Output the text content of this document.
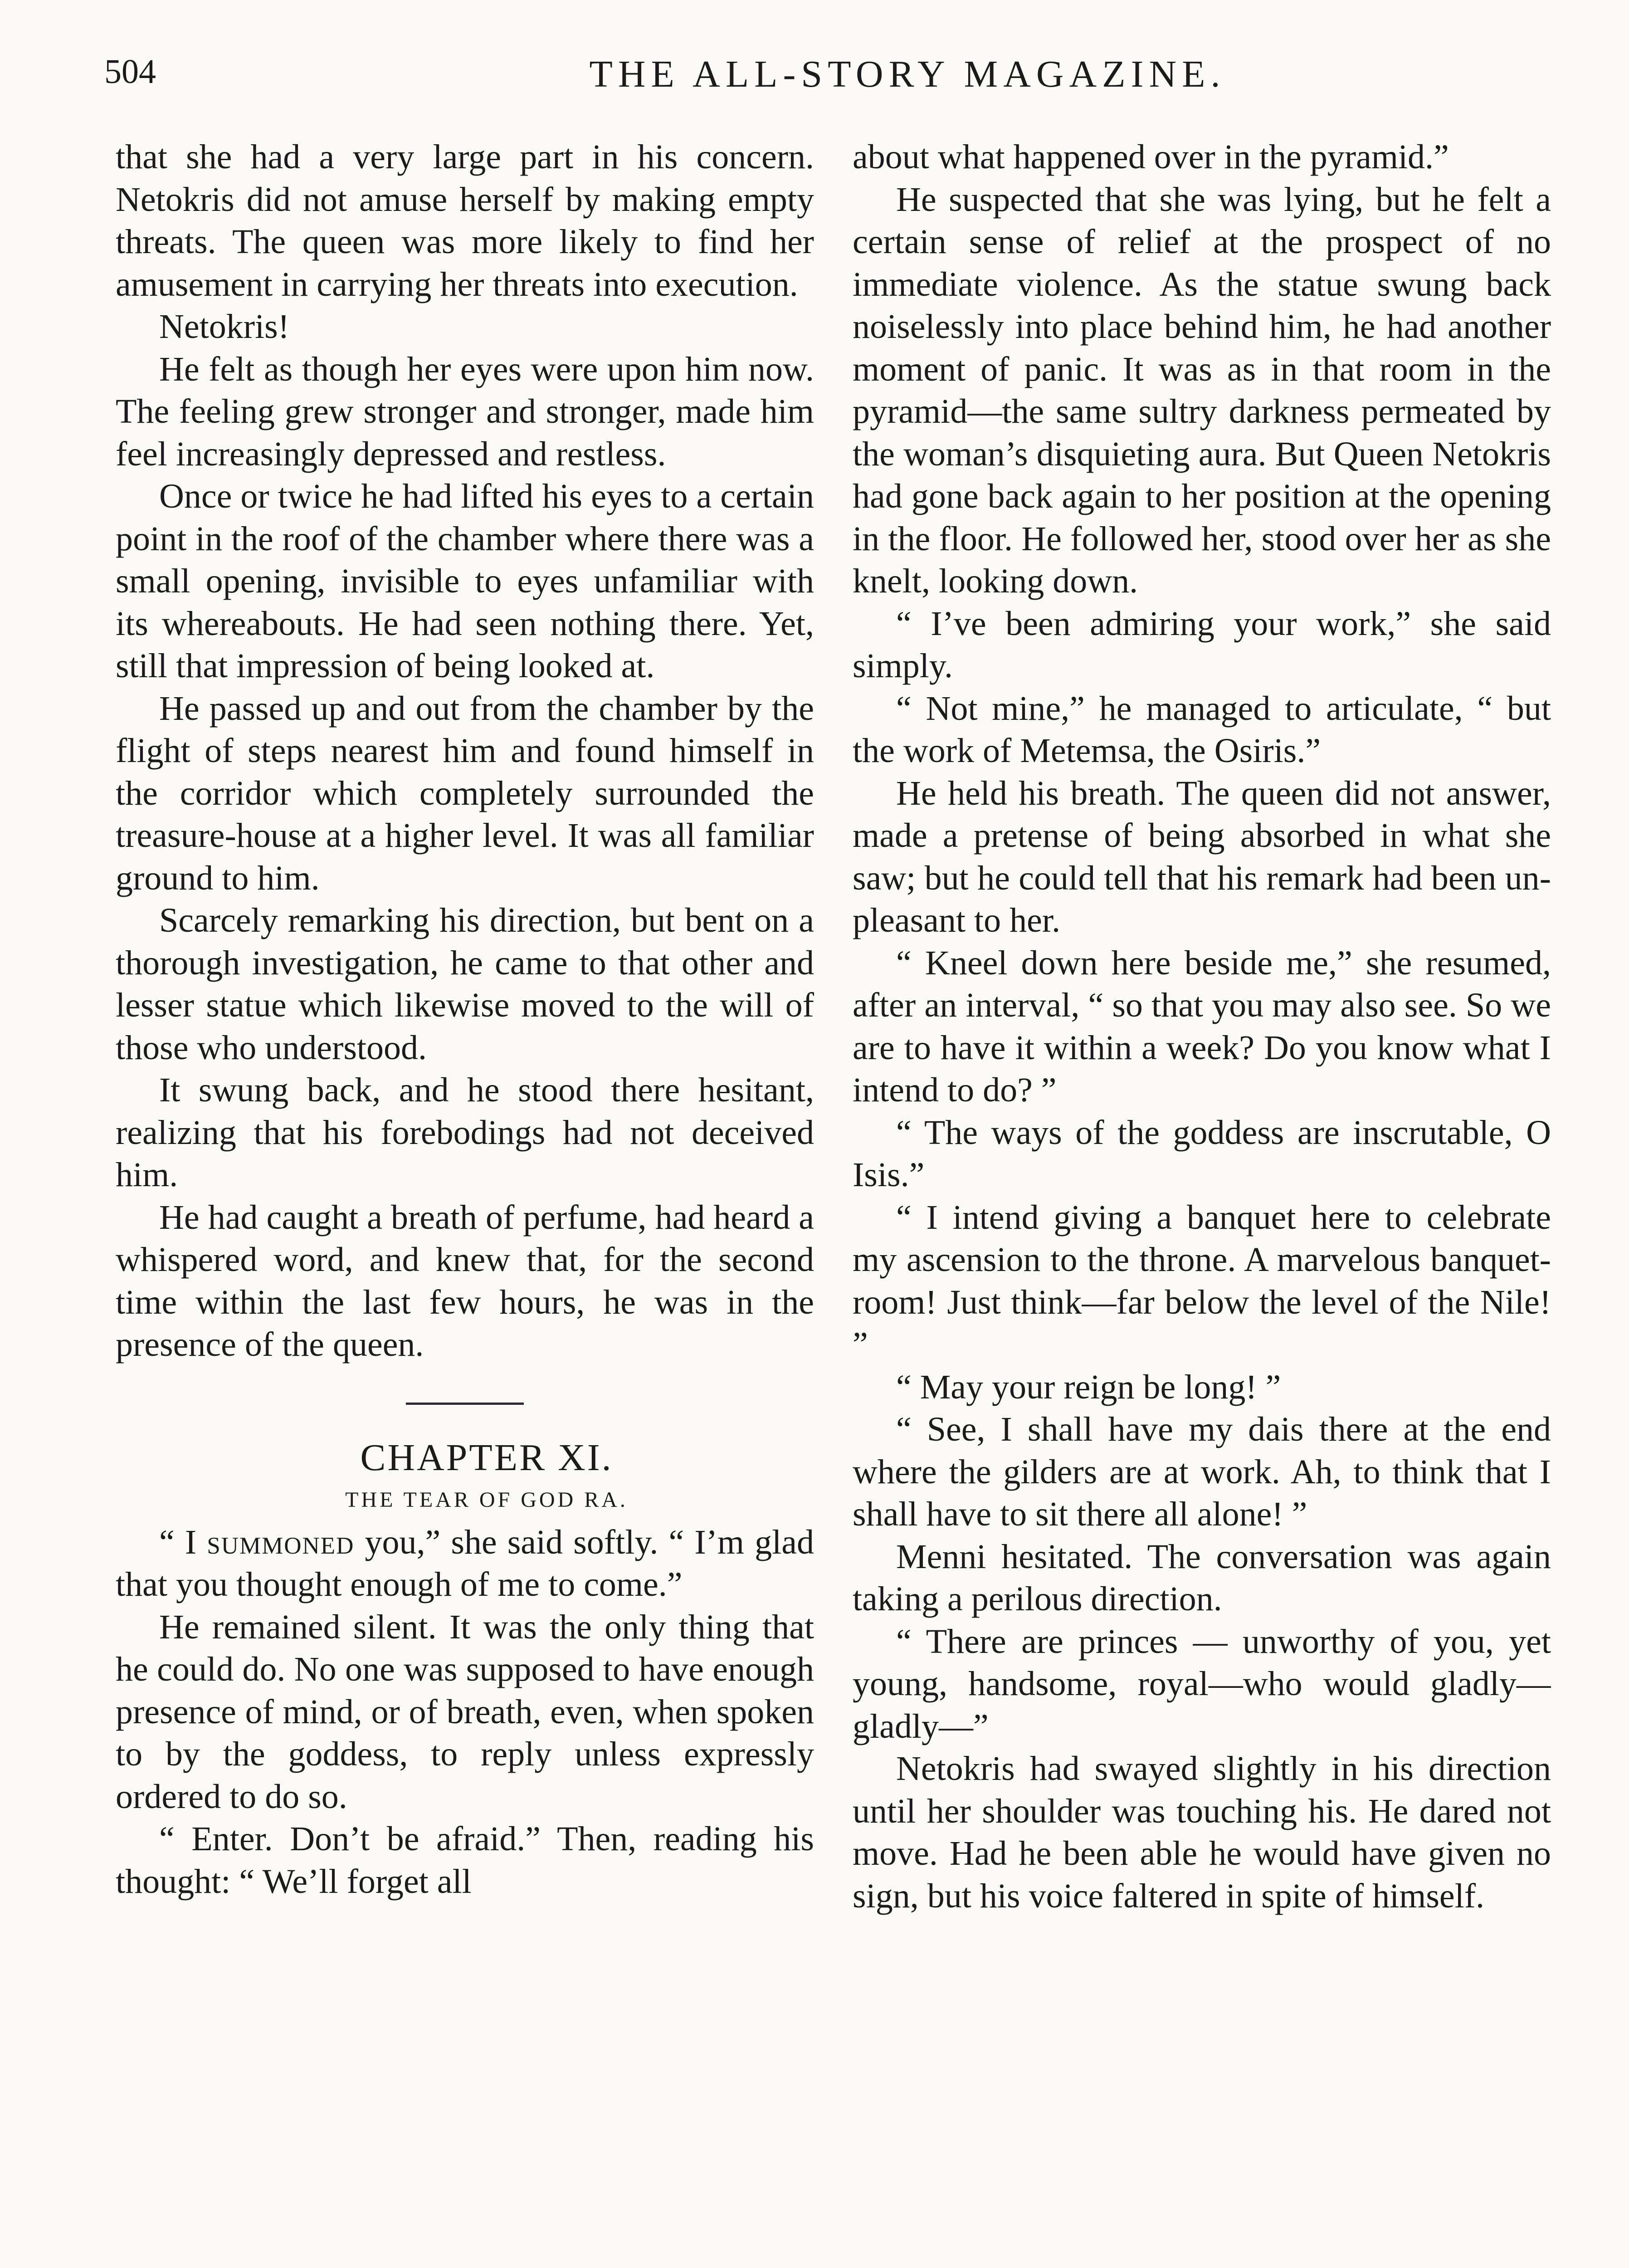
504	THE ALL-STORY MAGAZINE.

that she had a very large part in his concern. Netokris did not amuse herself by making empty threats. The queen was more likely to find her amusement in carrying her threats into execution.

Netokris!

He felt as though her eyes were upon him now. The feeling grew stronger and stronger, made him feel increasingly depressed and restless.

Once or twice he had lifted his eyes to a certain point in the roof of the chamber where there was a small opening, invisible to eyes unfamiliar with its whereabouts. He had seen nothing there. Yet, still that impression of being looked at.

He passed up and out from the chamber by the flight of steps nearest him and found himself in the corridor which completely surrounded the treasure-house at a higher level. It was all familiar ground to him.

Scarcely remarking his direction, but bent on a thorough investigation, he came to that other and lesser statue which likewise moved to the will of those who understood.

It swung back, and he stood there hesitant, realizing that his forebodings had not deceived him.

He had caught a breath of perfume, had heard a whispered word, and knew that, for the second time within the last few hours, he was in the presence of the queen.

CHAPTER XI.

THE TEAR OF GOD RA.

“ I summoned you,” she said softly. “ I’m glad that you thought enough of me to come.”

He remained silent. It was the only thing that he could do. No one was supposed to have enough presence of mind, or of breath, even, when spoken to by the goddess, to reply unless expressly ordered to do so.

“ Enter. Don’t be afraid.” Then, reading his thought: “ We’ll forget all

about what happened over in the pyramid.”

He suspected that she was lying, but he felt a certain sense of relief at the prospect of no immediate violence. As the statue swung back noiselessly into place behind him, he had another moment of panic. It was as in that room in the pyramid—the same sultry darkness permeated by the woman’s disquieting aura. But Queen Netokris had gone back again to her position at the opening in the floor. He followed her, stood over her as she knelt, looking down.

“ I’ve been admiring your work,” she said simply.

“ Not mine,” he managed to articulate, “ but the work of Metemsa, the Osiris.”

He held his breath. The queen did not answer, made a pretense of being absorbed in what she saw; but he could tell that his remark had been unpleasant to her.

“ Kneel down here beside me,” she resumed, after an interval, “ so that you may also see. So we are to have it within a week? Do you know what I intend to do? ”

“ The ways of the goddess are inscrutable, O Isis.”

“ I intend giving a banquet here to celebrate my ascension to the throne. A marvelous banquet-room! Just think—far below the level of the Nile! ”

“ May your reign be long! ”

“ See, I shall have my dais there at the end where the gilders are at work. Ah, to think that I shall have to sit there all alone! ”

Menni hesitated. The conversation was again taking a perilous direction.

“ There are princes — unworthy of you, yet young, handsome, royal—who would gladly—gladly—”

Netokris had swayed slightly in his direction until her shoulder was touching his. He dared not move. Had he been able he would have given no sign, but his voice faltered in spite of himself.
